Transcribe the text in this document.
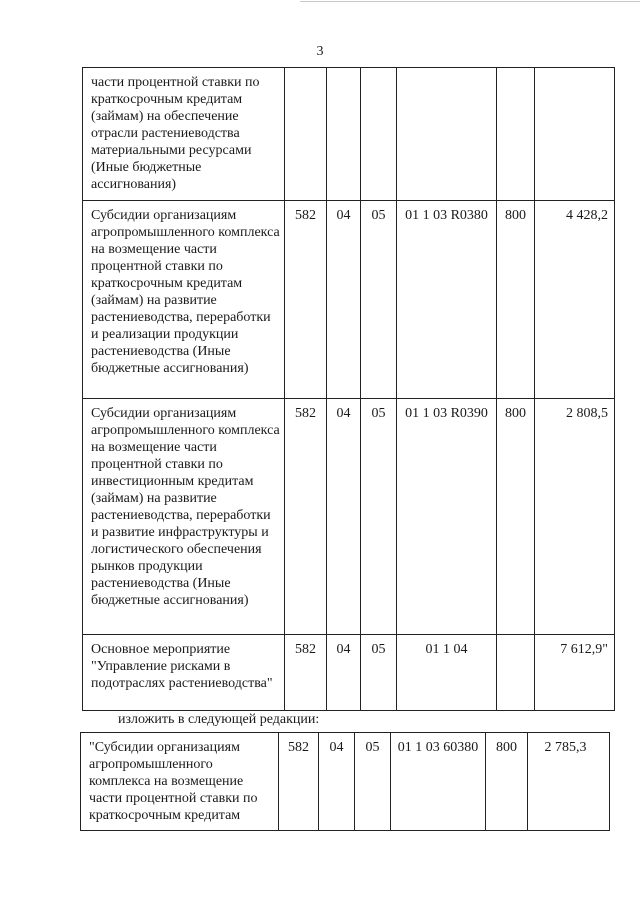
3
части процентной ставки по краткосрочным кредитам (займам) на обеспечение отрасли растениеводства материальными ресурсами (Иные бюджетные ассигнования)						
Субсидии организациям агропромышленного комплекса на возмещение части процентной ставки по краткосрочным кредитам (займам) на развитие растениеводства, переработки и реализации продукции растениеводства (Иные бюджетные ассигнования)	582	04	05	01 1 03 R0380	800	4 428,2
Субсидии организациям агропромышленного комплекса на возмещение части процентной ставки по инвестиционным кредитам (займам) на развитие растениеводства, переработки и развитие инфраструктуры и логистического обеспечения рынков продукции растениеводства (Иные бюджетные ассигнования)	582	04	05	01 1 03 R0390	800	2 808,5
Основное мероприятие "Управление рисками в подотраслях растениеводства"	582	04	05	01 1 04		7 612,9"
изложить в следующей редакции:
"Субсидии организациям агропромышленного комплекса на возмещение части процентной ставки по краткосрочным кредитам	582	04	05	01 1 03 60380	800	2 785,3
